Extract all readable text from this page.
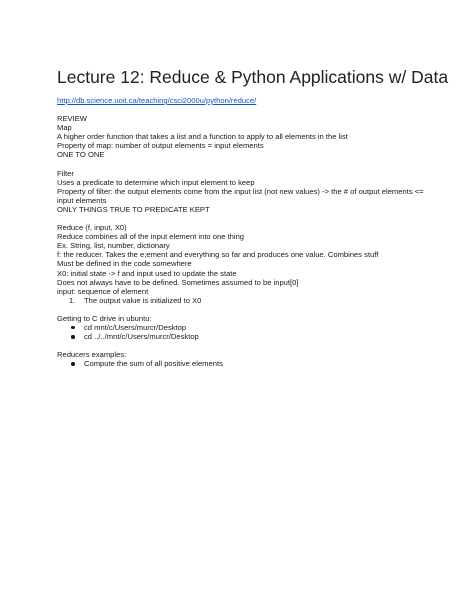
Lecture 12: Reduce & Python Applications w/ Data
http://db.science.uoit.ca/teaching/csci2000u/python/reduce/
REVIEW
Map
A higher order function that takes a list and a function to apply to all elements in the list
Property of map: number of output elements = input elements
ONE TO ONE
Filter
Uses a predicate to determine which input element to keep
Property of filter: the output elements come from the input list (not new values) -> the # of output elements <= input elements
ONLY THINGS TRUE TO PREDICATE KEPT
Reduce (f, input, X0)
Reduce combines all of the input element into one thing
Ex. String, list, number, dictionary
f: the reducer. Takes the e;ement and everything so far and produces one value. Combines stuff
Must be defined in the code somewhere
X0: initial state -> f and input used to update the state
Does not always have to be defined. Sometimes assumed to be input[0]
input: sequence of element
1. The output value is initialized to X0
Getting to C drive in ubuntu:
cd mnt/c/Users/murcr/Desktop
cd ../../mnt/c/Users/murcr/Desktop
Reducers examples:
Compute the sum of all positive elements
